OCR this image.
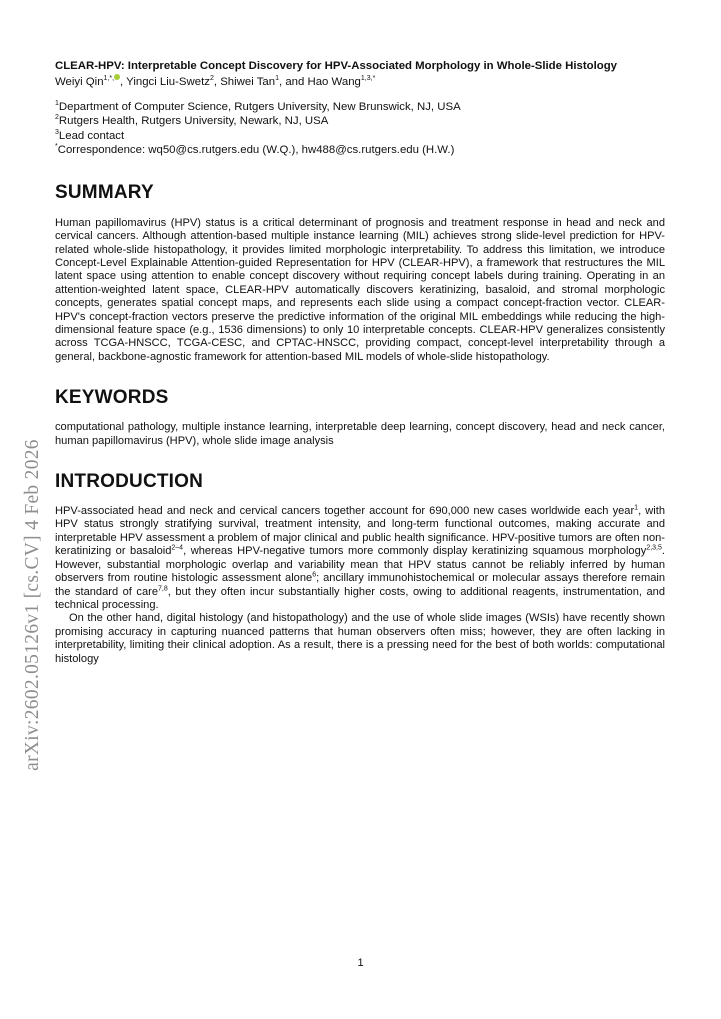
arXiv:2602.05126v1 [cs.CV] 4 Feb 2026
CLEAR-HPV: Interpretable Concept Discovery for HPV-Associated Morphology in Whole-Slide Histology
Weiyi Qin$^{1,*,}$ , Yingci Liu-Swetz$^2$, Shiwei Tan$^1$, and Hao Wang$^{1,3,*}$
$^1$Department of Computer Science, Rutgers University, New Brunswick, NJ, USA
$^2$Rutgers Health, Rutgers University, Newark, NJ, USA
$^3$Lead contact
*Correspondence: wq50@cs.rutgers.edu (W.Q.), hw488@cs.rutgers.edu (H.W.)
SUMMARY
Human papillomavirus (HPV) status is a critical determinant of prognosis and treatment response in head and neck and cervical cancers. Although attention-based multiple instance learning (MIL) achieves strong slide-level prediction for HPV-related whole-slide histopathology, it provides limited morphologic interpretability. To address this limitation, we introduce Concept-Level Explainable Attention-guided Representation for HPV (CLEAR-HPV), a framework that restructures the MIL latent space using attention to enable concept discovery without requiring concept labels during training. Operating in an attention-weighted latent space, CLEAR-HPV automatically discovers keratinizing, basaloid, and stromal morphologic concepts, generates spatial concept maps, and represents each slide using a compact concept-fraction vector. CLEAR-HPV's concept-fraction vectors preserve the predictive information of the original MIL embeddings while reducing the high-dimensional feature space (e.g., 1536 dimensions) to only 10 interpretable concepts. CLEAR-HPV generalizes consistently across TCGA-HNSCC, TCGA-CESC, and CPTAC-HNSCC, providing compact, concept-level interpretability through a general, backbone-agnostic framework for attention-based MIL models of whole-slide histopathology.
KEYWORDS
computational pathology, multiple instance learning, interpretable deep learning, concept discovery, head and neck cancer, human papillomavirus (HPV), whole slide image analysis
INTRODUCTION

HPV-associated head and neck and cervical cancers together account for 690,000 new cases worldwide each year$^1$, with HPV status strongly stratifying survival, treatment intensity, and long-term functional outcomes, making accurate and interpretable HPV assessment a problem of major clinical and public health significance. HPV-positive tumors are often non-keratinizing or basaloid$^{2-4}$, whereas HPV-negative tumors more commonly display keratinizing squamous morphology$^{2,3,5}$. However, substantial morphologic overlap and variability mean that HPV status cannot be reliably inferred by human observers from routine histologic assessment alone$^6$; ancillary immunohistochemical or molecular assays therefore remain the standard of care$^{7,8}$, but they often incur substantially higher costs, owing to additional reagents, instrumentation, and technical processing.

On the other hand, digital histology (and histopathology) and the use of whole slide images (WSIs) have recently shown promising accuracy in capturing nuanced patterns that human observers often miss; however, they are often lacking in interpretability, limiting their clinical adoption. As a result, there is a pressing need for the best of both worlds: computational histology

1
